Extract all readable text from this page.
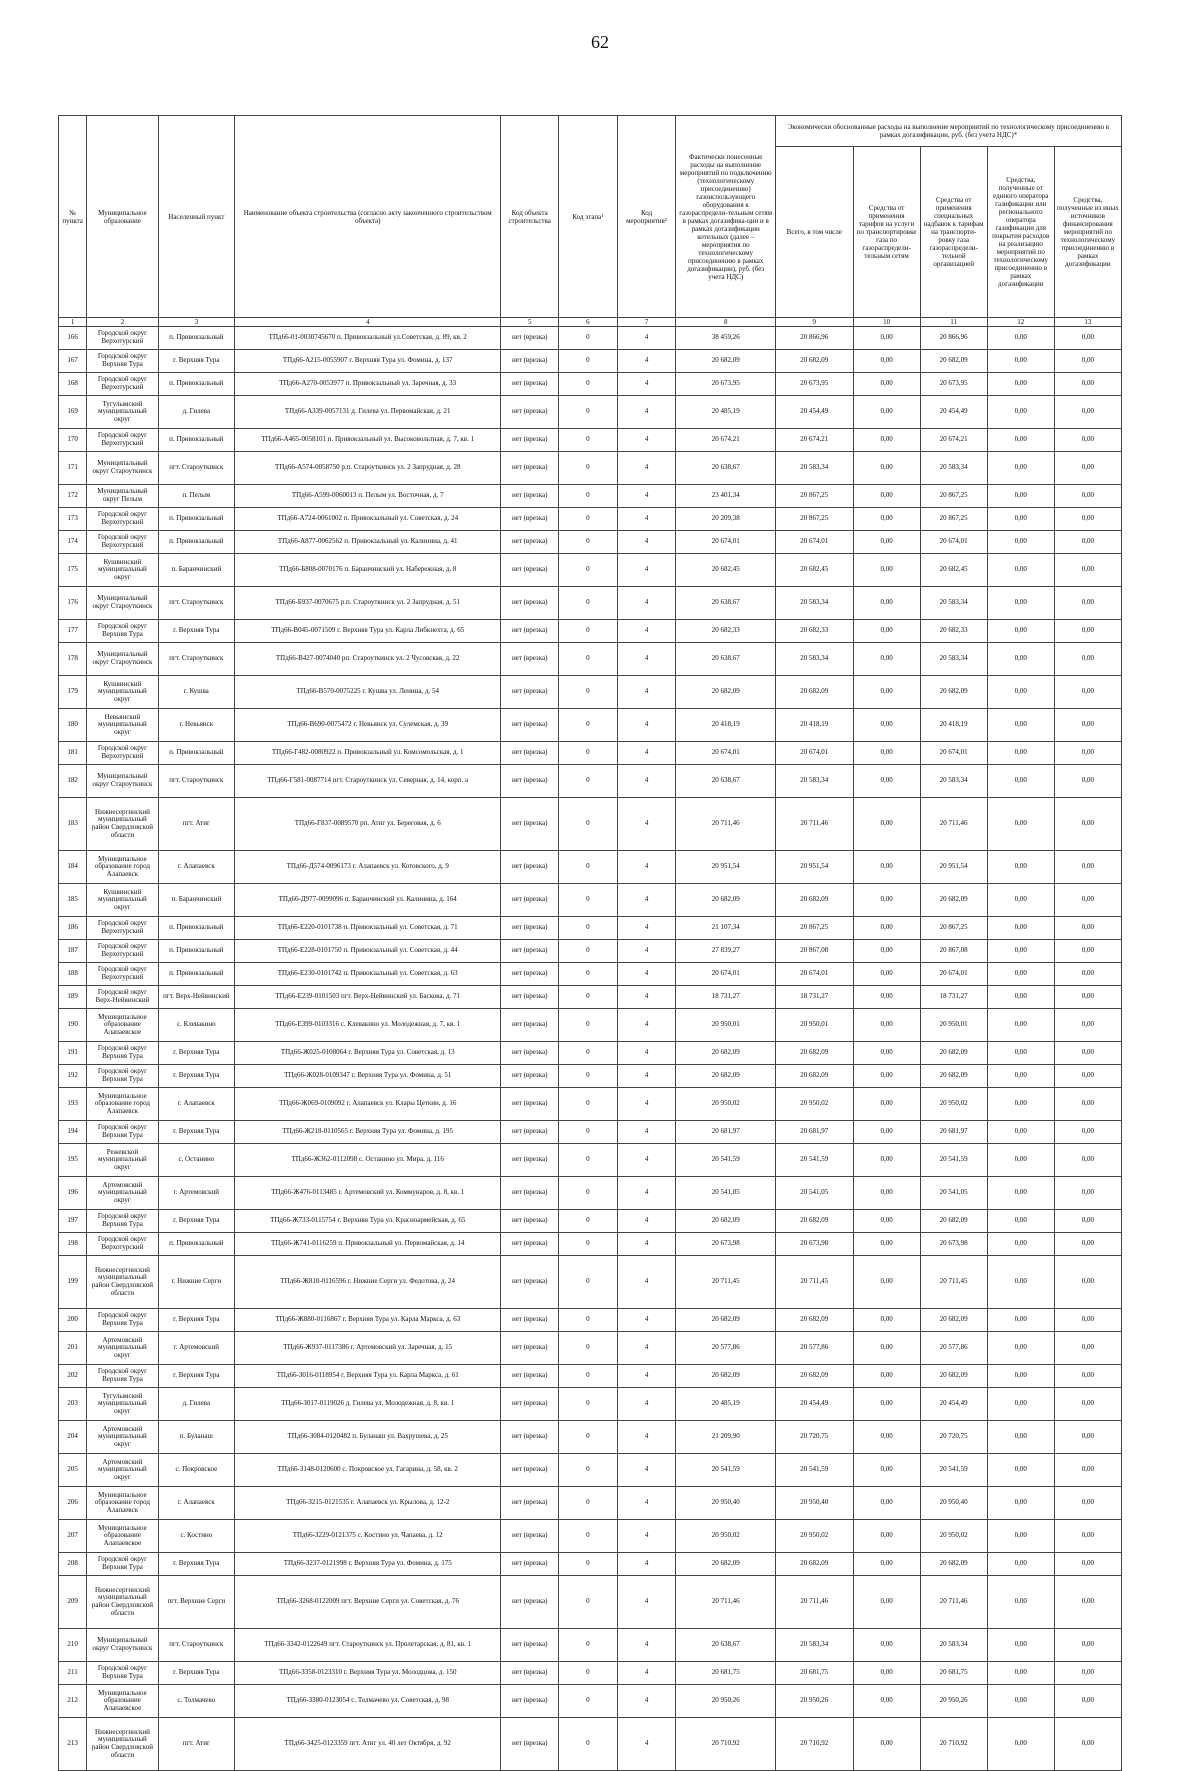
62
№ пункта	Муниципальное образование	Населенный пункт	Наименование объекта строительства (согласно акту законченного строительством объекта)	Код объекта строительства	Код этапа¹	Код мероприятия²	Фактически понесенные расходы на выполнение мероприятий по подключению (технологическому присоединению) газоиспользующего оборудования к газораспредели-тельным сетям в рамках догазифика-ции и в рамках догазификации котельных (далее – мероприятия по технологическому присоединению в рамках догазификации), руб. (без учета НДС)	Экономически обоснованные расходы на выполнение мероприятий по технологическому присоединению в рамках догазификации, руб. (без учета НДС)*				
								Всего, в том числе	Средства от применения тарифов на услуги по транспортировке газа по газораспредели-тельным сетям	Средства от применения специальных надбавок к тарифам на транспорти-ровку газа газораспредели-тельной организацией	Средства, полученные от единого оператора газификации или регионального оператора газификации для покрытия расходов на реализацию мероприятий по технологическому присоединению в рамках догазификации	Средства, полученные из иных источников финансирования мероприятий по технологическому присоединению в рамках догазификации
1	2	3	4	5	6	7	8	9	10	11	12	13
166	Городской округ Верхотурский	п. Привокзальный	ТПд66-01-0030745670 п. Привокзальный ул.Советская, д. 89, кв. 2	нет (врезка)	0	4	38 459,26	20 866,96	0,00	20 866,96	0,00	0,00
167	Городской округ Верхняя Тура	г. Верхняя Тура	ТПд66-А215-0055907 г. Верхняя Тура ул. Фомина, д. 137	нет (врезка)	0	4	20 682,09	20 682,09	0,00	20 682,09	0,00	0,00
168	Городской округ Верхотурский	п. Привокзальный	ТПд66-А270-0053977 п. Привокзальный ул. Заречная, д. 33	нет (врезка)	0	4	20 673,95	20 673,95	0,00	20 673,95	0,00	0,00
169	Тугулымский муниципальный округ	д. Гилева	ТПд66-А339-0057131 д. Гилева ул. Первомайская, д. 21	нет (врезка)	0	4	20 485,19	20 454,49	0,00	20 454,49	0,00	0,00
170	Городской округ Верхотурский	п. Привокзальный	ТПд66-А465-0058101 п. Привокзальный ул. Высоковольтная, д. 7, кв. 1	нет (врезка)	0	4	20 674,21	20 674,21	0,00	20 674,21	0,00	0,00
171	Муниципальный округ Староуткинск	пгт. Староуткинск	ТПд66-А574-0058750 р.п. Староуткинск ул. 2 Запрудная, д. 28	нет (врезка)	0	4	20 638,67	20 583,34	0,00	20 583,34	0,00	0,00
172	Муниципальный округ Пелым	п. Пелым	ТПд66-А599-0060013 п. Пелым ул. Восточная, д. 7	нет (врезка)	0	4	23 401,34	20 867,25	0,00	20 867,25	0,00	0,00
173	Городской округ Верхотурский	п. Привокзальный	ТПд66-А724-0061002 п. Привокзальный ул. Советская, д. 24	нет (врезка)	0	4	20 209,38	20 867,25	0,00	20 867,25	0,00	0,00
174	Городской округ Верхотурский	п. Привокзальный	ТПд66-А877-0062562 п. Привокзальный ул. Калинина, д. 41	нет (врезка)	0	4	20 674,01	20 674,01	0,00	20 674,01	0,00	0,00
175	Кушвинский муниципальный округ	п. Баранчинский	ТПд66-Б808-0070176 п. Баранчинский ул. Набережная, д. 8	нет (врезка)	0	4	20 682,45	20 682,45	0,00	20 682,45	0,00	0,00
176	Муниципальный округ Староуткинск	пгт. Староуткинск	ТПд66-Б937-0070675 р.п. Староуткинск ул. 2 Запрудная, д. 51	нет (врезка)	0	4	20 638,67	20 583,34	0,00	20 583,34	0,00	0,00
177	Городской округ Верхняя Тура	г. Верхняя Тура	ТПд66-В045-0071509 г. Верхняя Тура ул. Карла Либкнехта, д. 65	нет (врезка)	0	4	20 682,33	20 682,33	0,00	20 682,33	0,00	0,00
178	Муниципальный округ Староуткинск	пгт. Староуткинск	ТПд66-В427-0074040 рп. Староуткинск ул. 2 Чусовская, д. 22	нет (врезка)	0	4	20 638,67	20 583,34	0,00	20 583,34	0,00	0,00
179	Кушвинский муниципальный округ	г. Кушва	ТПд66-В570-0075225 г. Кушва ул. Ленина, д. 54	нет (врезка)	0	4	20 682,09	20 682,09	0,00	20 682,09	0,00	0,00
180	Невьянский муниципальный округ	г. Невьянск	ТПд66-В690-0075472 г. Невьянск ул. Сулемская, д. 39	нет (врезка)	0	4	20 418,19	20 418,19	0,00	20 418,19	0,00	0,00
181	Городской округ Верхотурский	п. Привокзальный	ТПд66-Г482-0080922 п. Привокзальный ул. Комсомольская, д. 1	нет (врезка)	0	4	20 674,01	20 674,01	0,00	20 674,01	0,00	0,00
182	Муниципальный округ Староуткинск	пгт. Староуткинск	ТПд66-Г581-0087714 пгт. Староуткинск ул. Северная, д. 14, корп. а	нет (врезка)	0	4	20 638,67	20 583,34	0,00	20 583,34	0,00	0,00
183	Нижнесергинский муниципальный район Свердловской области	пгт. Атиг	ТПд66-Г837-0089570 рп. Атиг ул. Береговая, д. 6	нет (врезка)	0	4	20 711,46	20 711,46	0,00	20 711,46	0,00	0,00
184	Муниципальное образование город Алапаевск	г. Алапаевск	ТПд66-Д574-0096173 г. Алапаевск ул. Котовского, д. 9	нет (врезка)	0	4	20 951,54	20 951,54	0,00	20 951,54	0,00	0,00
185	Кушвинский муниципальный округ	п. Баранчинский	ТПд66-Д977-0099096 п. Баранчинский ул. Калинина, д. 164	нет (врезка)	0	4	20 682,09	20 682,09	0,00	20 682,09	0,00	0,00
186	Городской округ Верхотурский	п. Привокзальный	ТПд66-Е220-0101738 п. Привокзальный ул. Советская, д. 71	нет (врезка)	0	4	21 107,34	20 867,25	0,00	20 867,25	0,00	0,00
187	Городской округ Верхотурский	п. Привокзальный	ТПд66-Е228-0101750 п. Привокзальный ул. Советская, д. 44	нет (врезка)	0	4	27 839,27	20 867,08	0,00	20 867,08	0,00	0,00
188	Городской округ Верхотурский	п. Привокзальный	ТПд66-Е230-0101742 п. Привокзальный ул. Советская, д. 63	нет (врезка)	0	4	20 674,01	20 674,01	0,00	20 674,01	0,00	0,00
189	Городской округ Верх-Нейвинский	пгт. Верх-Нейвинский	ТПд66-Е239-0101503 пгт. Верх-Нейвинский ул. Баскова, д. 71	нет (врезка)	0	4	18 731,27	18 731,27	0,00	18 731,27	0,00	0,00
190	Муниципальное образование Алапаевское	с. Клевакино	ТПд66-Е399-0103316 с. Клевакино ул. Молодежная, д. 7, кв. 1	нет (врезка)	0	4	20 950,01	20 950,01	0,00	20 950,01	0,00	0,00
191	Городской округ Верхняя Тура	г. Верхняя Тура	ТПд66-Ж025-0108064 г. Верхняя Тура ул. Советская, д. 13	нет (врезка)	0	4	20 682,09	20 682,09	0,00	20 682,09	0,00	0,00
192	Городской округ Верхняя Тура	г. Верхняя Тура	ТПд66-Ж028-0109347 г. Верхняя Тура ул. Фомина, д. 51	нет (врезка)	0	4	20 682,09	20 682,09	0,00	20 682,09	0,00	0,00
193	Муниципальное образование город Алапаевск	г. Алапаевск	ТПд66-Ж069-0109092 г. Алапаевск ул. Клары Цеткин, д. 16	нет (врезка)	0	4	20 950,02	20 950,02	0,00	20 950,02	0,00	0,00
194	Городской округ Верхняя Тура	г. Верхняя Тура	ТПд66-Ж218-0110565 г. Верхняя Тура ул. Фомина, д. 195	нет (врезка)	0	4	20 681,97	20 681,97	0,00	20 681,97	0,00	0,00
195	Режевской муниципальный округ	с. Останино	ТПд66-Ж362-0112098 с. Останино ул. Мира, д. 116	нет (врезка)	0	4	20 541,59	20 541,59	0,00	20 541,59	0,00	0,00
196	Артемовский муниципальный округ	г. Артемовский	ТПд66-Ж476-0113485 г. Артемовский ул. Коммунаров, д. 8, кв. 1	нет (врезка)	0	4	20 541,05	20 541,05	0,00	20 541,05	0,00	0,00
197	Городской округ Верхняя Тура	г. Верхняя Тура	ТПд66-Ж733-0115754 г. Верхняя Тура ул. Красноармейская, д. 65	нет (врезка)	0	4	20 682,09	20 682,09	0,00	20 682,09	0,00	0,00
198	Городской округ Верхотурский	п. Привокзальный	ТПд66-Ж741-0116259 п. Привокзальный ул. Первомайская, д. 14	нет (врезка)	0	4	20 673,98	20 673,98	0,00	20 673,98	0,00	0,00
199	Нижнесергинский муниципальный район Свердловской области	г. Нижние Серги	ТПд66-Ж810-0116596 г. Нижние Серги ул. Федотова, д. 24	нет (врезка)	0	4	20 711,45	20 711,45	0,00	20 711,45	0,00	0,00
200	Городской округ Верхняя Тура	г. Верхняя Тура	ТПд66-Ж880-0116867 г. Верхняя Тура ул. Карла Маркса, д. 63	нет (врезка)	0	4	20 682,09	20 682,09	0,00	20 682,09	0,00	0,00
201	Артемовский муниципальный округ	г. Артемовский	ТПд66-Ж937-0117386 г. Артемовский ул. Заречная, д. 15	нет (врезка)	0	4	20 577,86	20 577,86	0,00	20 577,86	0,00	0,00
202	Городской округ Верхняя Тура	г. Верхняя Тура	ТПд66-З016-0118954 г. Верхняя Тура ул. Карла Маркса, д. 61	нет (врезка)	0	4	20 682,09	20 682,09	0,00	20 682,09	0,00	0,00
203	Тугулымский муниципальный округ	д. Гилева	ТПд66-З017-0119026 д. Гилева ул. Молодежная, д. 8, кв. 1	нет (врезка)	0	4	20 485,19	20 454,49	0,00	20 454,49	0,00	0,00
204	Артемовский муниципальный округ	п. Буланаш	ТПд66-З084-0120482 п. Буланаш ул. Вахрушева, д. 25	нет (врезка)	0	4	21 209,90	20 720,75	0,00	20 720,75	0,00	0,00
205	Артемовский муниципальный округ	с. Покровское	ТПд66-З148-0120600 с. Покровское ул. Гагарина, д. 58, кв. 2	нет (врезка)	0	4	20 541,59	20 541,59	0,00	20 541,59	0,00	0,00
206	Муниципальное образование город Алапаевск	г. Алапаевск	ТПд66-З215-0121535 г. Алапаевск ул. Крылова, д. 12-2	нет (врезка)	0	4	20 950,40	20 950,40	0,00	20 950,40	0,00	0,00
207	Муниципальное образование Алапаевское	с. Костино	ТПд66-З229-0121375 с. Костино ул. Чапаева, д. 12	нет (врезка)	0	4	20 950,02	20 950,02	0,00	20 950,02	0,00	0,00
208	Городской округ Верхняя Тура	г. Верхняя Тура	ТПд66-З237-0121998 г. Верхняя Тура ул. Фомина, д. 175	нет (врезка)	0	4	20 682,09	20 682,09	0,00	20 682,09	0,00	0,00
209	Нижнесергинский муниципальный район Свердловской области	пгт. Верхние Серги	ТПд66-З268-0122009 пгт. Верхние Серги ул. Советская, д. 76	нет (врезка)	0	4	20 711,46	20 711,46	0,00	20 711,46	0,00	0,00
210	Муниципальный округ Староуткинск	пгт. Староуткинск	ТПд66-З342-0122649 пгт. Староуткинск ул. Пролетарская, д. 81, кв. 1	нет (врезка)	0	4	20 638,67	20 583,34	0,00	20 583,34	0,00	0,00
211	Городской округ Верхняя Тура	г. Верхняя Тура	ТПд66-З358-0123310 г. Верхняя Тура ул. Молодцова, д. 150	нет (врезка)	0	4	20 681,75	20 681,75	0,00	20 681,75	0,00	0,00
212	Муниципальное образование Алапаевское	с. Толмачево	ТПд66-З380-0123054 с. Толмачево ул. Советская, д. 98	нет (врезка)	0	4	20 950,26	20 950,26	0,00	20 950,26	0,00	0,00
213	Нижнесергинский муниципальный район Свердловской области	пгт. Атиг	ТПд66-З425-0123359 пгт. Атиг ул. 40 лет Октября, д. 92	нет (врезка)	0	4	20 710,92	20 710,92	0,00	20 710,92	0,00	0,00
